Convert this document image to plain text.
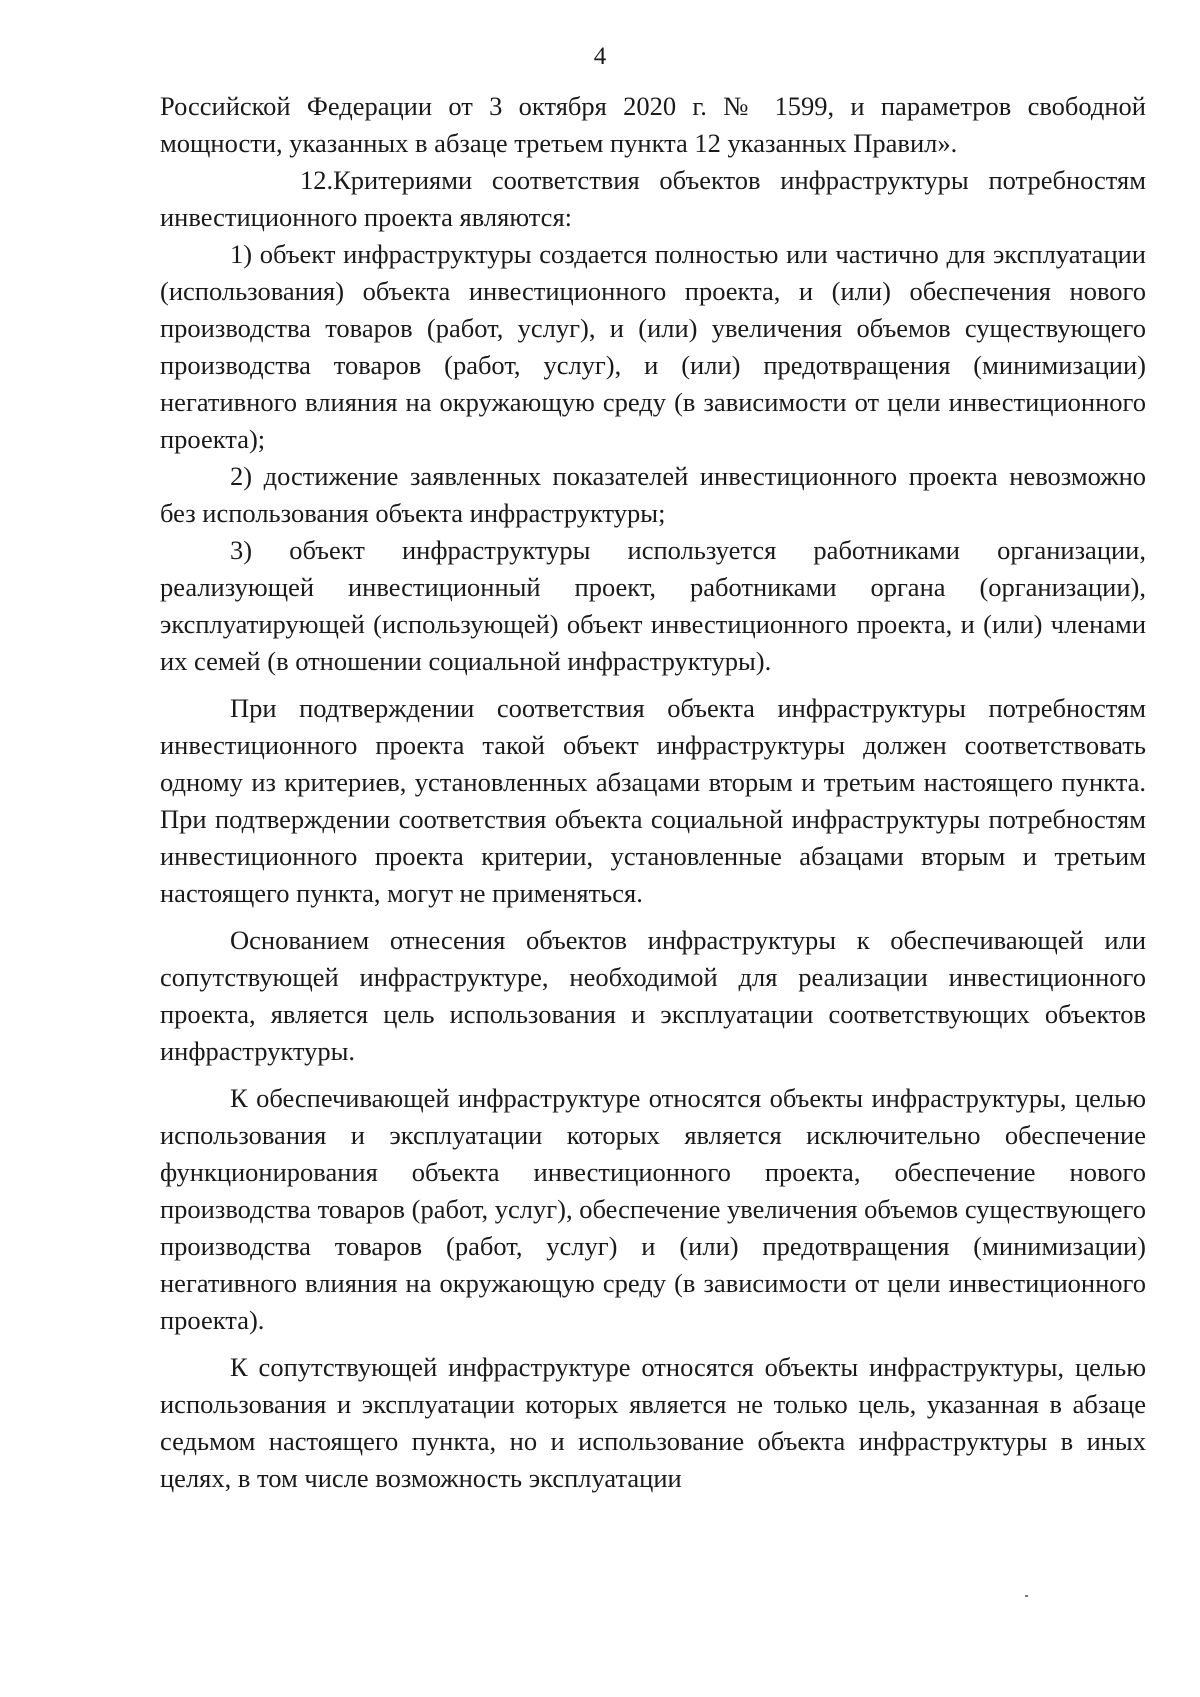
4

Российской Федерации от 3 октября 2020 г. № 1599, и параметров свободной мощности, указанных в абзаце третьем пункта 12 указанных Правил».

12.Критериями соответствия объектов инфраструктуры потребностям инвестиционного проекта являются:

1) объект инфраструктуры создается полностью или частично для эксплуатации (использования) объекта инвестиционного проекта, и (или) обеспечения нового производства товаров (работ, услуг), и (или) увеличения объемов существующего производства товаров (работ, услуг), и (или) предотвращения (минимизации) негативного влияния на окружающую среду (в зависимости от цели инвестиционного проекта);

2) достижение заявленных показателей инвестиционного проекта невозможно без использования объекта инфраструктуры;

3) объект инфраструктуры используется работниками организации, реализующей инвестиционный проект, работниками органа (организации), эксплуатирующей (использующей) объект инвестиционного проекта, и (или) членами их семей (в отношении социальной инфраструктуры).

При подтверждении соответствия объекта инфраструктуры потребностям инвестиционного проекта такой объект инфраструктуры должен соответствовать одному из критериев, установленных абзацами вторым и третьим настоящего пункта. При подтверждении соответствия объекта социальной инфраструктуры потребностям инвестиционного проекта критерии, установленные абзацами вторым и третьим настоящего пункта, могут не применяться.

Основанием отнесения объектов инфраструктуры к обеспечивающей или сопутствующей инфраструктуре, необходимой для реализации инвестиционного проекта, является цель использования и эксплуатации соответствующих объектов инфраструктуры.

К обеспечивающей инфраструктуре относятся объекты инфраструктуры, целью использования и эксплуатации которых является исключительно обеспечение функционирования объекта инвестиционного проекта, обеспечение нового производства товаров (работ, услуг), обеспечение увеличения объемов существующего производства товаров (работ, услуг) и (или) предотвращения (минимизации) негативного влияния на окружающую среду (в зависимости от цели инвестиционного проекта).

К сопутствующей инфраструктуре относятся объекты инфраструктуры, целью использования и эксплуатации которых является не только цель, указанная в абзаце седьмом настоящего пункта, но и использование объекта инфраструктуры в иных целях, в том числе возможность эксплуатации
